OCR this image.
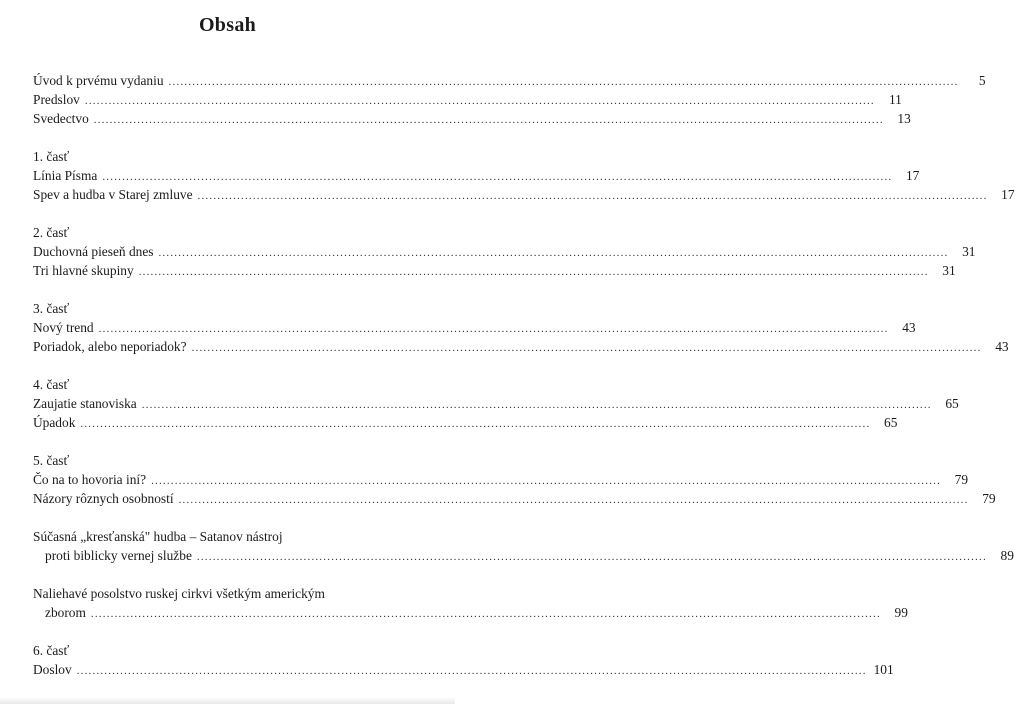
Obsah
Úvod k prvému vydaniu ........................................................................................................................................................................................................	5
Predslov ........................................................................................................................................................................................................	11
Svedectvo ........................................................................................................................................................................................................	13
1. časť
Línia Písma ........................................................................................................................................................................................................	17
Spev a hudba v Starej zmluve ........................................................................................................................................................................................................	17
2. časť
Duchovná pieseň dnes ........................................................................................................................................................................................................	31
Tri hlavné skupiny ........................................................................................................................................................................................................	31
3. časť
Nový trend ........................................................................................................................................................................................................	43
Poriadok, alebo neporiadok? ........................................................................................................................................................................................................	43
4. časť
Zaujatie stanoviska ........................................................................................................................................................................................................	65
Úpadok ........................................................................................................................................................................................................	65
5. časť
Čo na to hovoria iní? ........................................................................................................................................................................................................	79
Názory rôznych osobností ........................................................................................................................................................................................................	79
Súčasná „kresťanská" hudba – Satanov nástroj
proti biblicky vernej službe ........................................................................................................................................................................................................	89
Naliehavé posolstvo ruskej cirkvi všetkým americkým
zborom ........................................................................................................................................................................................................	99
6. časť
Doslov ........................................................................................................................................................................................................ 101
